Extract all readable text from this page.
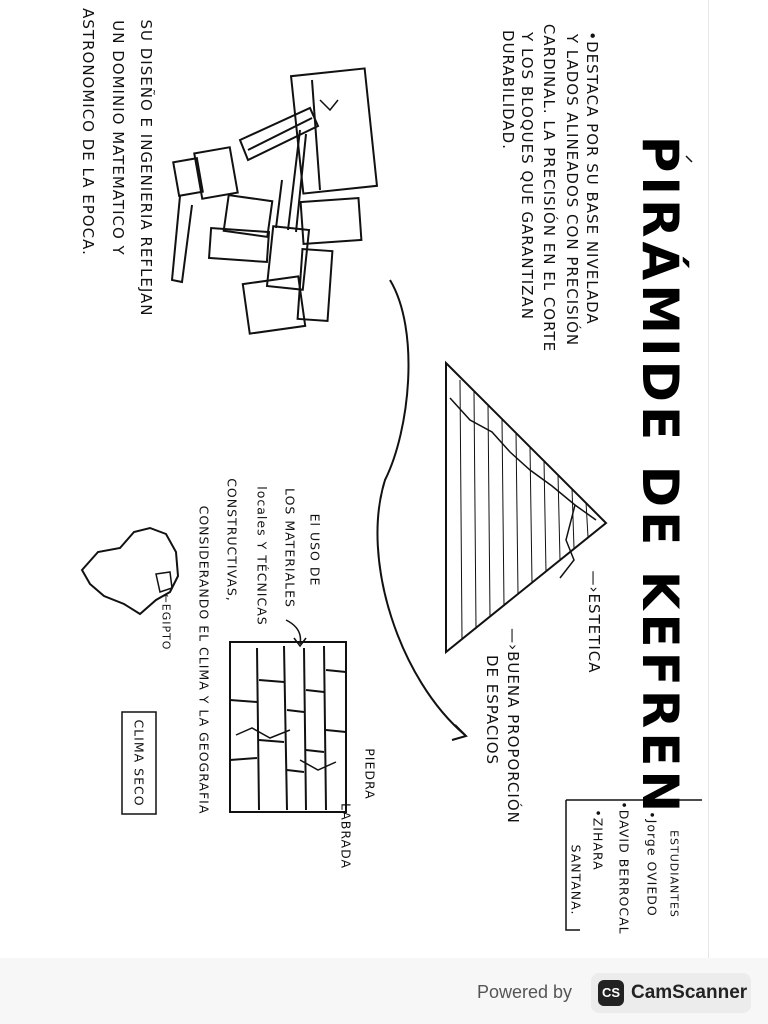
PIRÁMIDE DE KEFREN
•DESTACA POR SU BASE NIVELADA
Y LADOS ALINEADOS CON PRECISIÓN
CARDINAL. LA PRECISIÓN EN EL CORTE
Y LOS BLOQUES QUE GARANTIZAN
DURABILIDAD.
SU DISEÑO E INGENIERIA REFLEJAN
UN DOMINIO MATEMATICO Y
ASTRONOMICO DE LA EPOCA.
—›ESTETICA
—›BUENA PROPORCIÓN
DE ESPACIOS
El USO DE
LOS MATERIALES
locales Y TÉCNICAS
CONSTRUCTIVAS,
CONSIDERANDO EL CLIMA Y LA GEOGRAFIA	PIEDRA
LABRADA
←EGIPTO
CLIMA SECO
ESTUDIANTES
•Jorge OVIEDO
•DAVID BERROCAL
•ZIHARA
SANTANA.
Powered by	CS CamScanner
